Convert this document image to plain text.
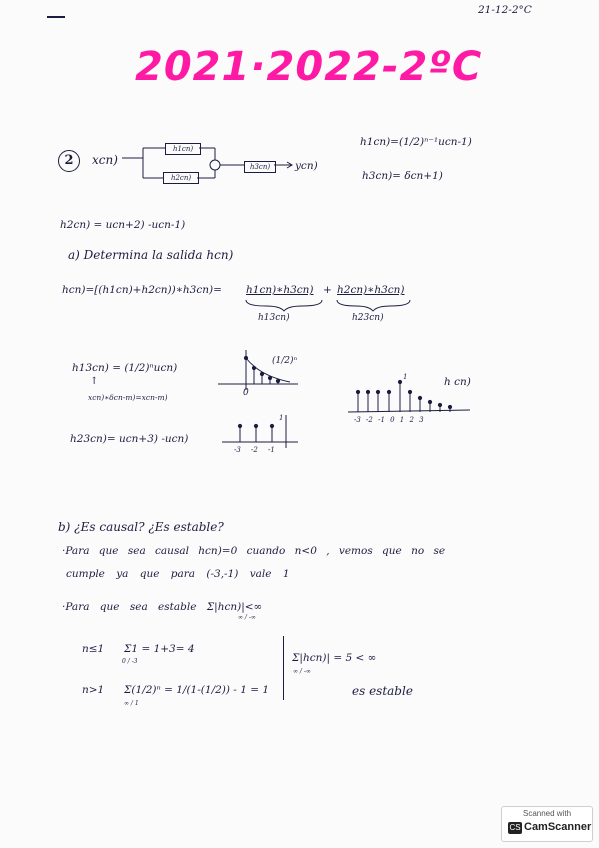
21-12-2°C
2021·2022-2ºC
2	xcn)
h1cn)
h2cn)
h3cn)	ycn)
h1cn)=(1/2)ⁿ⁻¹ucn-1)
h3cn)= δcn+1)
h2cn) = ucn+2) -ucn-1)
a) Determina la salida hcn)
hcn)=[(h1cn)+h2cn))∗h3cn)= h1cn)∗h3cn) + h2cn)∗h3cn)
h13cn)	h23cn)
h13cn) = (1/2)ⁿucn)
↑
xcn)∗δcn-m)=xcn-m)
h23cn)= ucn+3) -ucn)
(1/2)ⁿ
0
-3 -2 -1
1
h cn)
1
-3 -2 -1 0 1 2 3
b) ¿Es causal? ¿Es estable?
·Para que sea causal hcn)=0 cuando n<0 , vemos que no se
cumple ya que para (-3,-1) vale 1
·Para que sea estable Σ|hcn)|<∞
∞ / -∞
n≤1
0 / -3
Σ1 = 1+3= 4
n>1
∞ / 1
Σ(1/2)ⁿ = 1/(1-(1/2)) - 1 = 1
∞ / -∞
Σ|hcn)| = 5 < ∞
es estable
Scanned with
CS CamScanner
